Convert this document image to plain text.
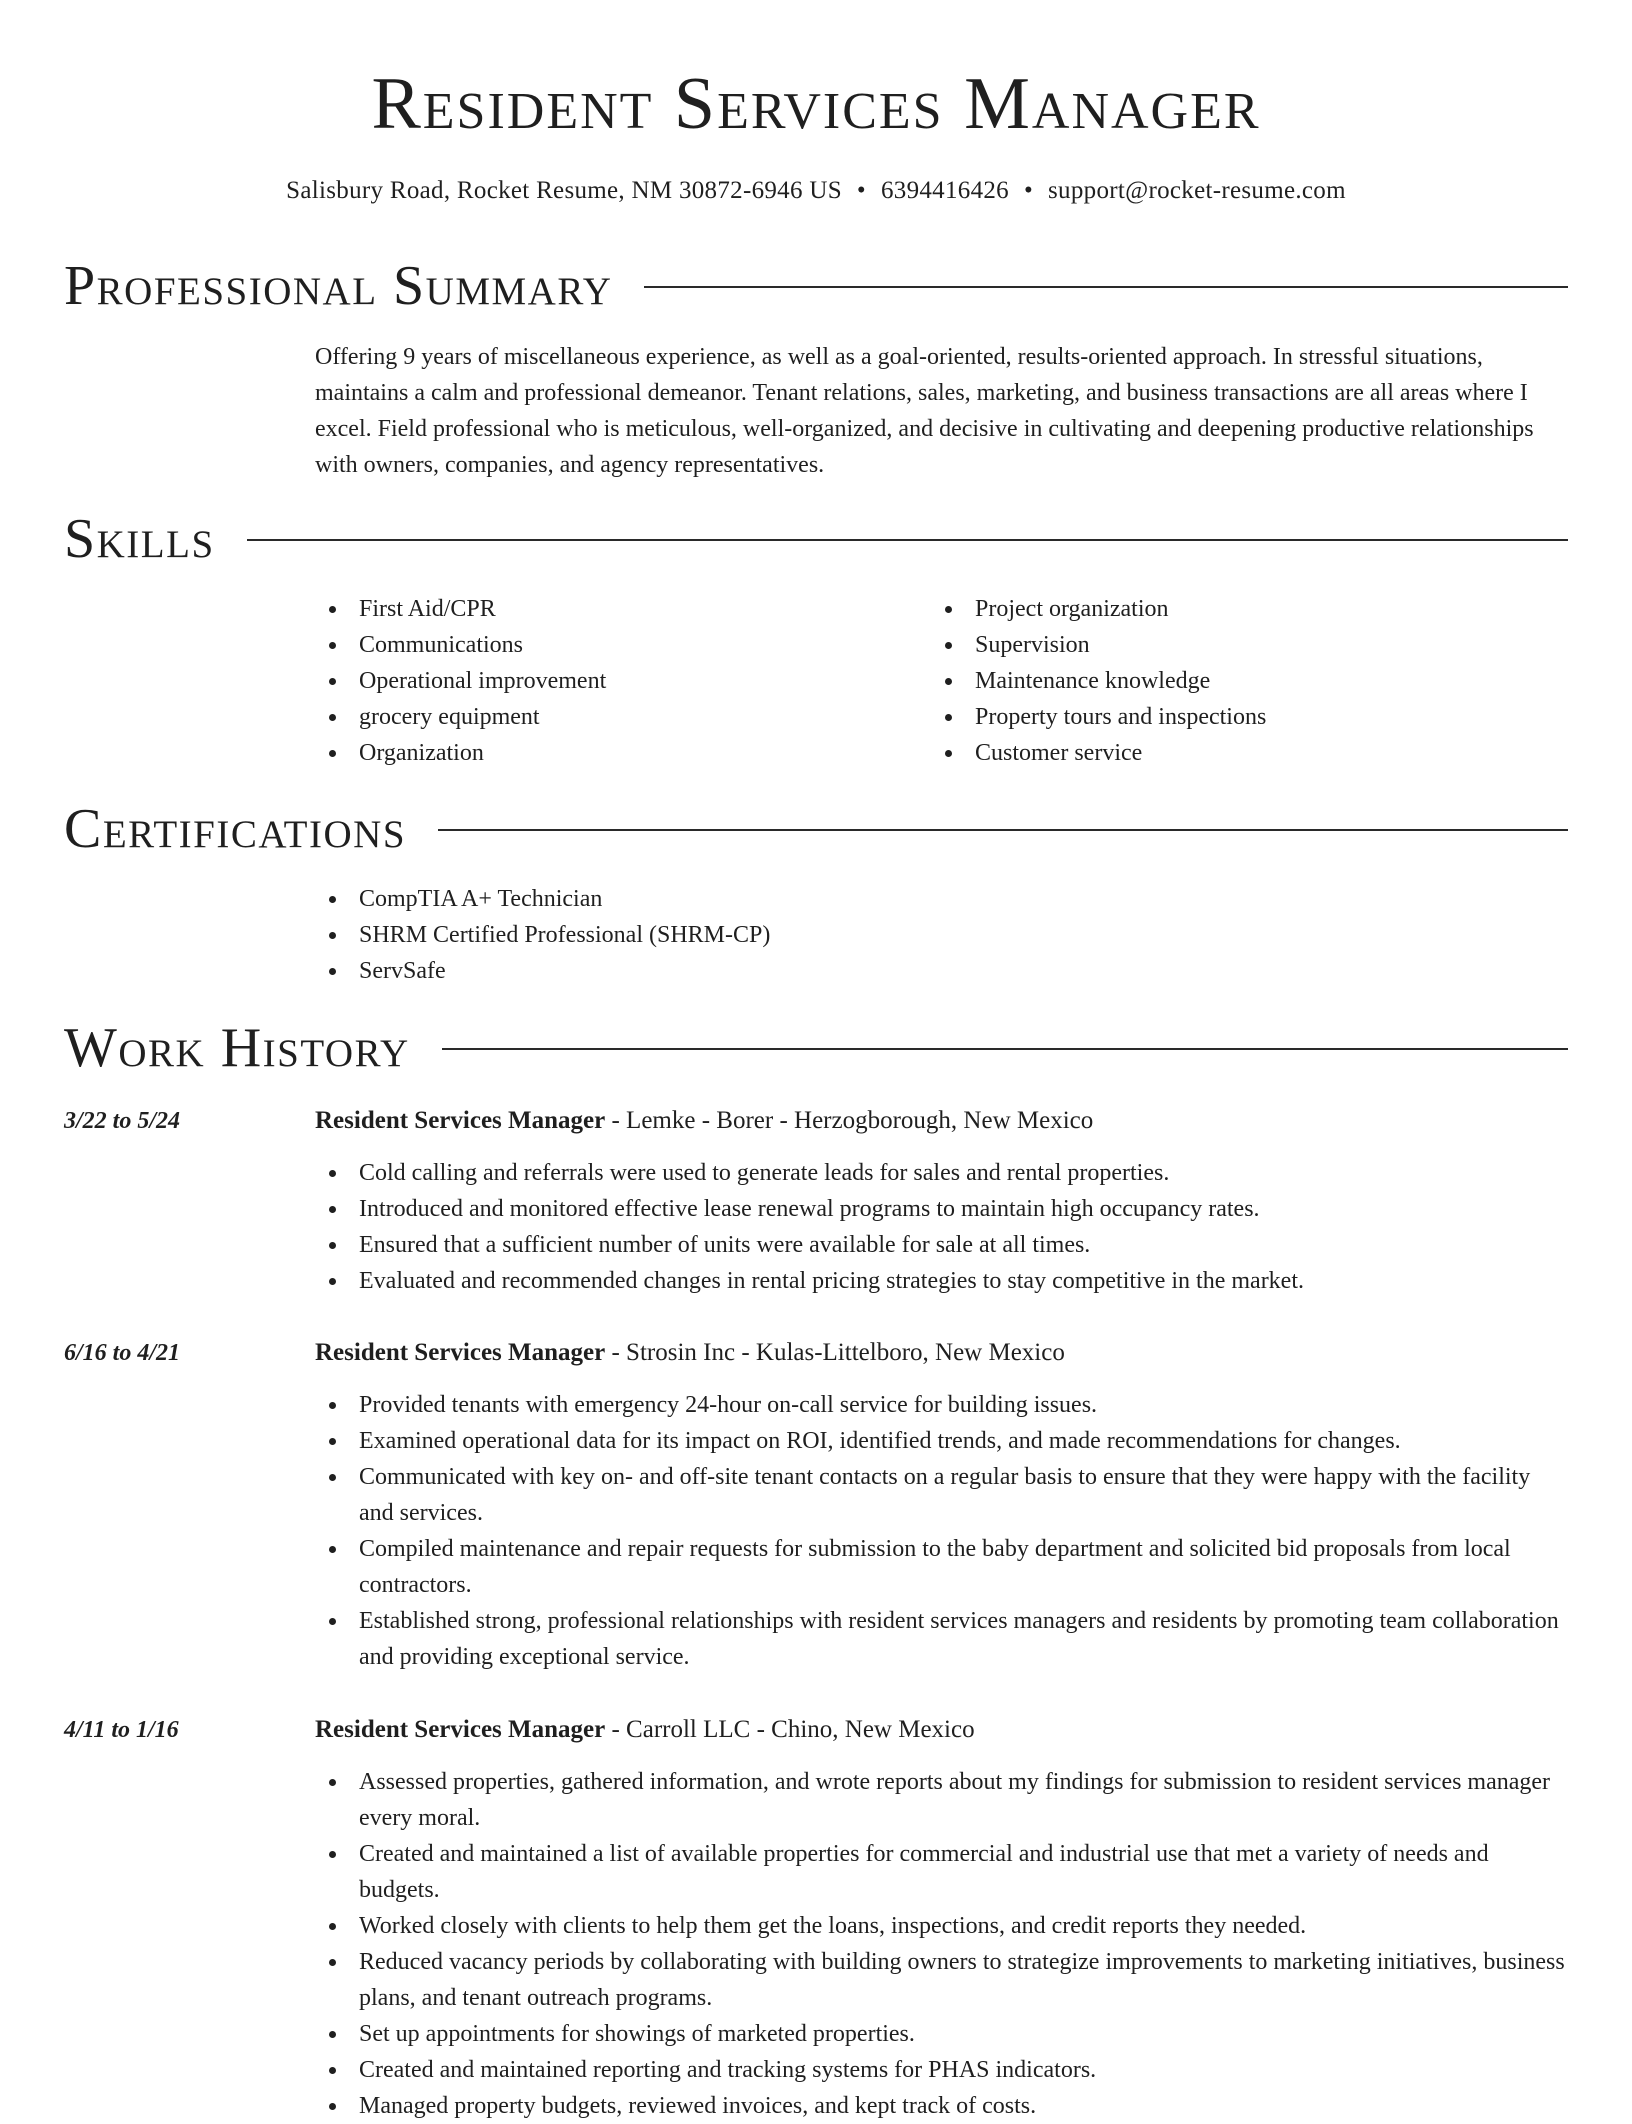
Resident Services Manager
Salisbury Road, Rocket Resume, NM 30872-6946 US • 6394416426 • support@rocket-resume.com
Professional Summary

Offering 9 years of miscellaneous experience, as well as a goal-oriented, results-oriented approach. In stressful situations, maintains a calm and professional demeanor. Tenant relations, sales, marketing, and business transactions are all areas where I excel. Field professional who is meticulous, well-organized, and decisive in cultivating and deepening productive relationships with owners, companies, and agency representatives.

Skills
First Aid/CPR
Communications
Operational improvement
grocery equipment
Organization
Project organization
Supervision
Maintenance knowledge
Property tours and inspections
Customer service
Certifications
CompTIA A+ Technician
SHRM Certified Professional (SHRM-CP)
ServSafe
Work History
3/22 to 5/24	Resident Services Manager - Lemke - Borer - Herzogborough, New Mexico
Cold calling and referrals were used to generate leads for sales and rental properties.
Introduced and monitored effective lease renewal programs to maintain high occupancy rates.
Ensured that a sufficient number of units were available for sale at all times.
Evaluated and recommended changes in rental pricing strategies to stay competitive in the market.
6/16 to 4/21	Resident Services Manager - Strosin Inc - Kulas-Littelboro, New Mexico
Provided tenants with emergency 24-hour on-call service for building issues.
Examined operational data for its impact on ROI, identified trends, and made recommendations for changes.
Communicated with key on- and off-site tenant contacts on a regular basis to ensure that they were happy with the facility and services.
Compiled maintenance and repair requests for submission to the baby department and solicited bid proposals from local contractors.
Established strong, professional relationships with resident services managers and residents by promoting team collaboration and providing exceptional service.
4/11 to 1/16	Resident Services Manager - Carroll LLC - Chino, New Mexico
Assessed properties, gathered information, and wrote reports about my findings for submission to resident services manager every moral.
Created and maintained a list of available properties for commercial and industrial use that met a variety of needs and budgets.
Worked closely with clients to help them get the loans, inspections, and credit reports they needed.
Reduced vacancy periods by collaborating with building owners to strategize improvements to marketing initiatives, business plans, and tenant outreach programs.
Set up appointments for showings of marketed properties.
Created and maintained reporting and tracking systems for PHAS indicators.
Managed property budgets, reviewed invoices, and kept track of costs.
